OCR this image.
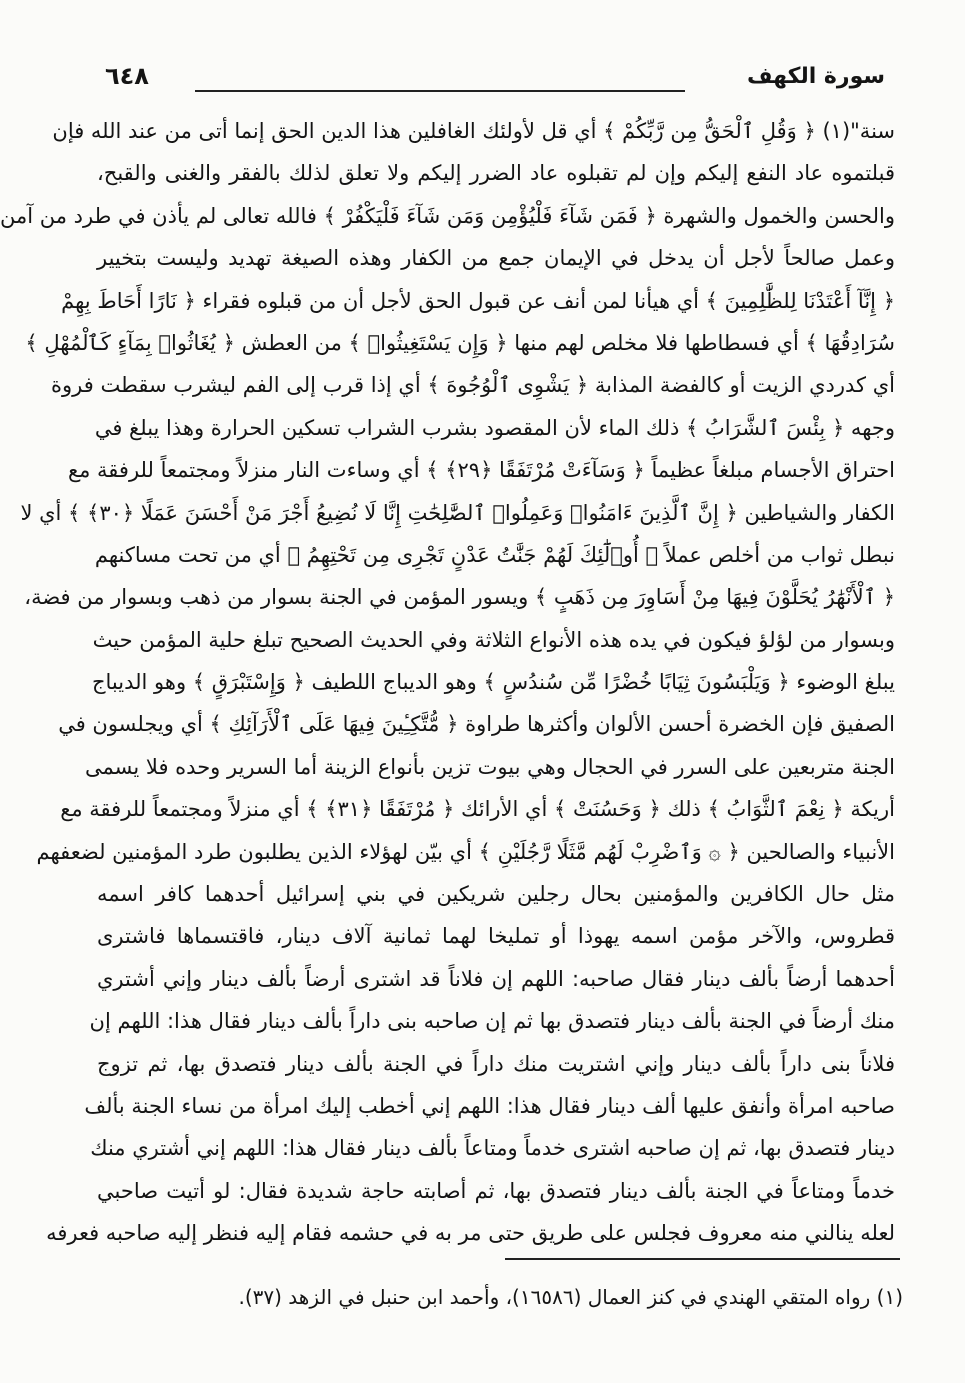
سورة الكهف
٦٤٨
سنة"(١) ﴿ وَقُلِ ٱلْحَقُّ مِن رَّبِّكُمْ ﴾ أي قل لأولئك الغافلين هذا الدين الحق إنما أتى من عند الله فإن
قبلتموه عاد النفع إليكم وإن لم تقبلوه عاد الضرر إليكم ولا تعلق لذلك بالفقر والغنى والقبح،
والحسن والخمول والشهرة ﴿ فَمَن شَآءَ فَلْيُؤْمِن وَمَن شَآءَ فَلْيَكْفُرْ ﴾ فالله تعالى لم يأذن في طرد من آمن
وعمل صالحاً لأجل أن يدخل في الإيمان جمع من الكفار وهذه الصيغة تهديد وليست بتخيير
﴿ إِنَّآ أَعْتَدْنَا لِلظَّٰلِمِينَ ﴾ أي هيأنا لمن أنف عن قبول الحق لأجل أن من قبلوه فقراء ﴿ نَارًا أَحَاطَ بِهِمْ
سُرَادِقُهَا ﴾ أي فسطاطها فلا مخلص لهم منها ﴿ وَإِن يَسْتَغِيثُوا۟ ﴾ من العطش ﴿ يُغَاثُوا۟ بِمَآءٍ كَٱلْمُهْلِ ﴾
أي كدردي الزيت أو كالفضة المذابة ﴿ يَشْوِى ٱلْوُجُوهَ ﴾ أي إذا قرب إلى الفم ليشرب سقطت فروة
وجهه ﴿ بِئْسَ ٱلشَّرَابُ ﴾ ذلك الماء لأن المقصود بشرب الشراب تسكين الحرارة وهذا يبلغ في
احتراق الأجسام مبلغاً عظيماً ﴿ وَسَآءَتْ مُرْتَفَقًا ﴿٢٩﴾ ﴾ أي وساءت النار منزلاً ومجتمعاً للرفقة مع
الكفار والشياطين ﴿ إِنَّ ٱلَّذِينَ ءَامَنُوا۟ وَعَمِلُوا۟ ٱلصَّٰلِحَٰتِ إِنَّا لَا نُضِيعُ أَجْرَ مَنْ أَحْسَنَ عَمَلًا ﴿٣٠﴾ ﴾ أي لا
نبطل ثواب من أخلص عملاً ﴿ أُو۟لَٰٓئِكَ لَهُمْ جَنَّٰتُ عَدْنٍ تَجْرِى مِن تَحْتِهِمُ ﴾ أي من تحت مساكنهم
﴿ ٱلْأَنْهَٰرُ يُحَلَّوْنَ فِيهَا مِنْ أَسَاوِرَ مِن ذَهَبٍ ﴾ ويسور المؤمن في الجنة بسوار من ذهب وبسوار من فضة،
وبسوار من لؤلؤ فيكون في يده هذه الأنواع الثلاثة وفي الحديث الصحيح تبلغ حلية المؤمن حيث
يبلغ الوضوء ﴿ وَيَلْبَسُونَ ثِيَابًا خُضْرًا مِّن سُندُسٍ ﴾ وهو الديباج اللطيف ﴿ وَإِسْتَبْرَقٍ ﴾ وهو الديباج
الصفيق فإن الخضرة أحسن الألوان وأكثرها طراوة ﴿ مُّتَّكِـِٔينَ فِيهَا عَلَى ٱلْأَرَآئِكِ ﴾ أي ويجلسون في
الجنة متربعين على السرر في الحجال وهي بيوت تزين بأنواع الزينة أما السرير وحده فلا يسمى
أريكة ﴿ نِعْمَ ٱلثَّوَابُ ﴾ ذلك ﴿ وَحَسُنَتْ ﴾ أي الأرائك ﴿ مُرْتَفَقًا ﴿٣١﴾ ﴾ أي منزلاً ومجتمعاً للرفقة مع
الأنبياء والصالحين ﴿ ۞ وَٱضْرِبْ لَهُم مَّثَلًا رَّجُلَيْنِ ﴾ أي بيّن لهؤلاء الذين يطلبون طرد المؤمنين لضعفهم
مثل حال الكافرين والمؤمنين بحال رجلين شريكين في بني إسرائيل أحدهما كافر اسمه
قطروس، والآخر مؤمن اسمه يهوذا أو تمليخا لهما ثمانية آلاف دينار، فاقتسماها فاشترى
أحدهما أرضاً بألف دينار فقال صاحبه: اللهم إن فلاناً قد اشترى أرضاً بألف دينار وإني أشتري
منك أرضاً في الجنة بألف دينار فتصدق بها ثم إن صاحبه بنى داراً بألف دينار فقال هذا: اللهم إن
فلاناً بنى داراً بألف دينار وإني اشتريت منك داراً في الجنة بألف دينار فتصدق بها، ثم تزوج
صاحبه امرأة وأنفق عليها ألف دينار فقال هذا: اللهم إني أخطب إليك امرأة من نساء الجنة بألف
دينار فتصدق بها، ثم إن صاحبه اشترى خدماً ومتاعاً بألف دينار فقال هذا: اللهم إني أشتري منك
خدماً ومتاعاً في الجنة بألف دينار فتصدق بها، ثم أصابته حاجة شديدة فقال: لو أتيت صاحبي
لعله ينالني منه معروف فجلس على طريق حتى مر به في حشمه فقام إليه فنظر إليه صاحبه فعرفه
(١) رواه المتقي الهندي في كنز العمال (١٦٥٨٦)، وأحمد ابن حنبل في الزهد (٣٧).
